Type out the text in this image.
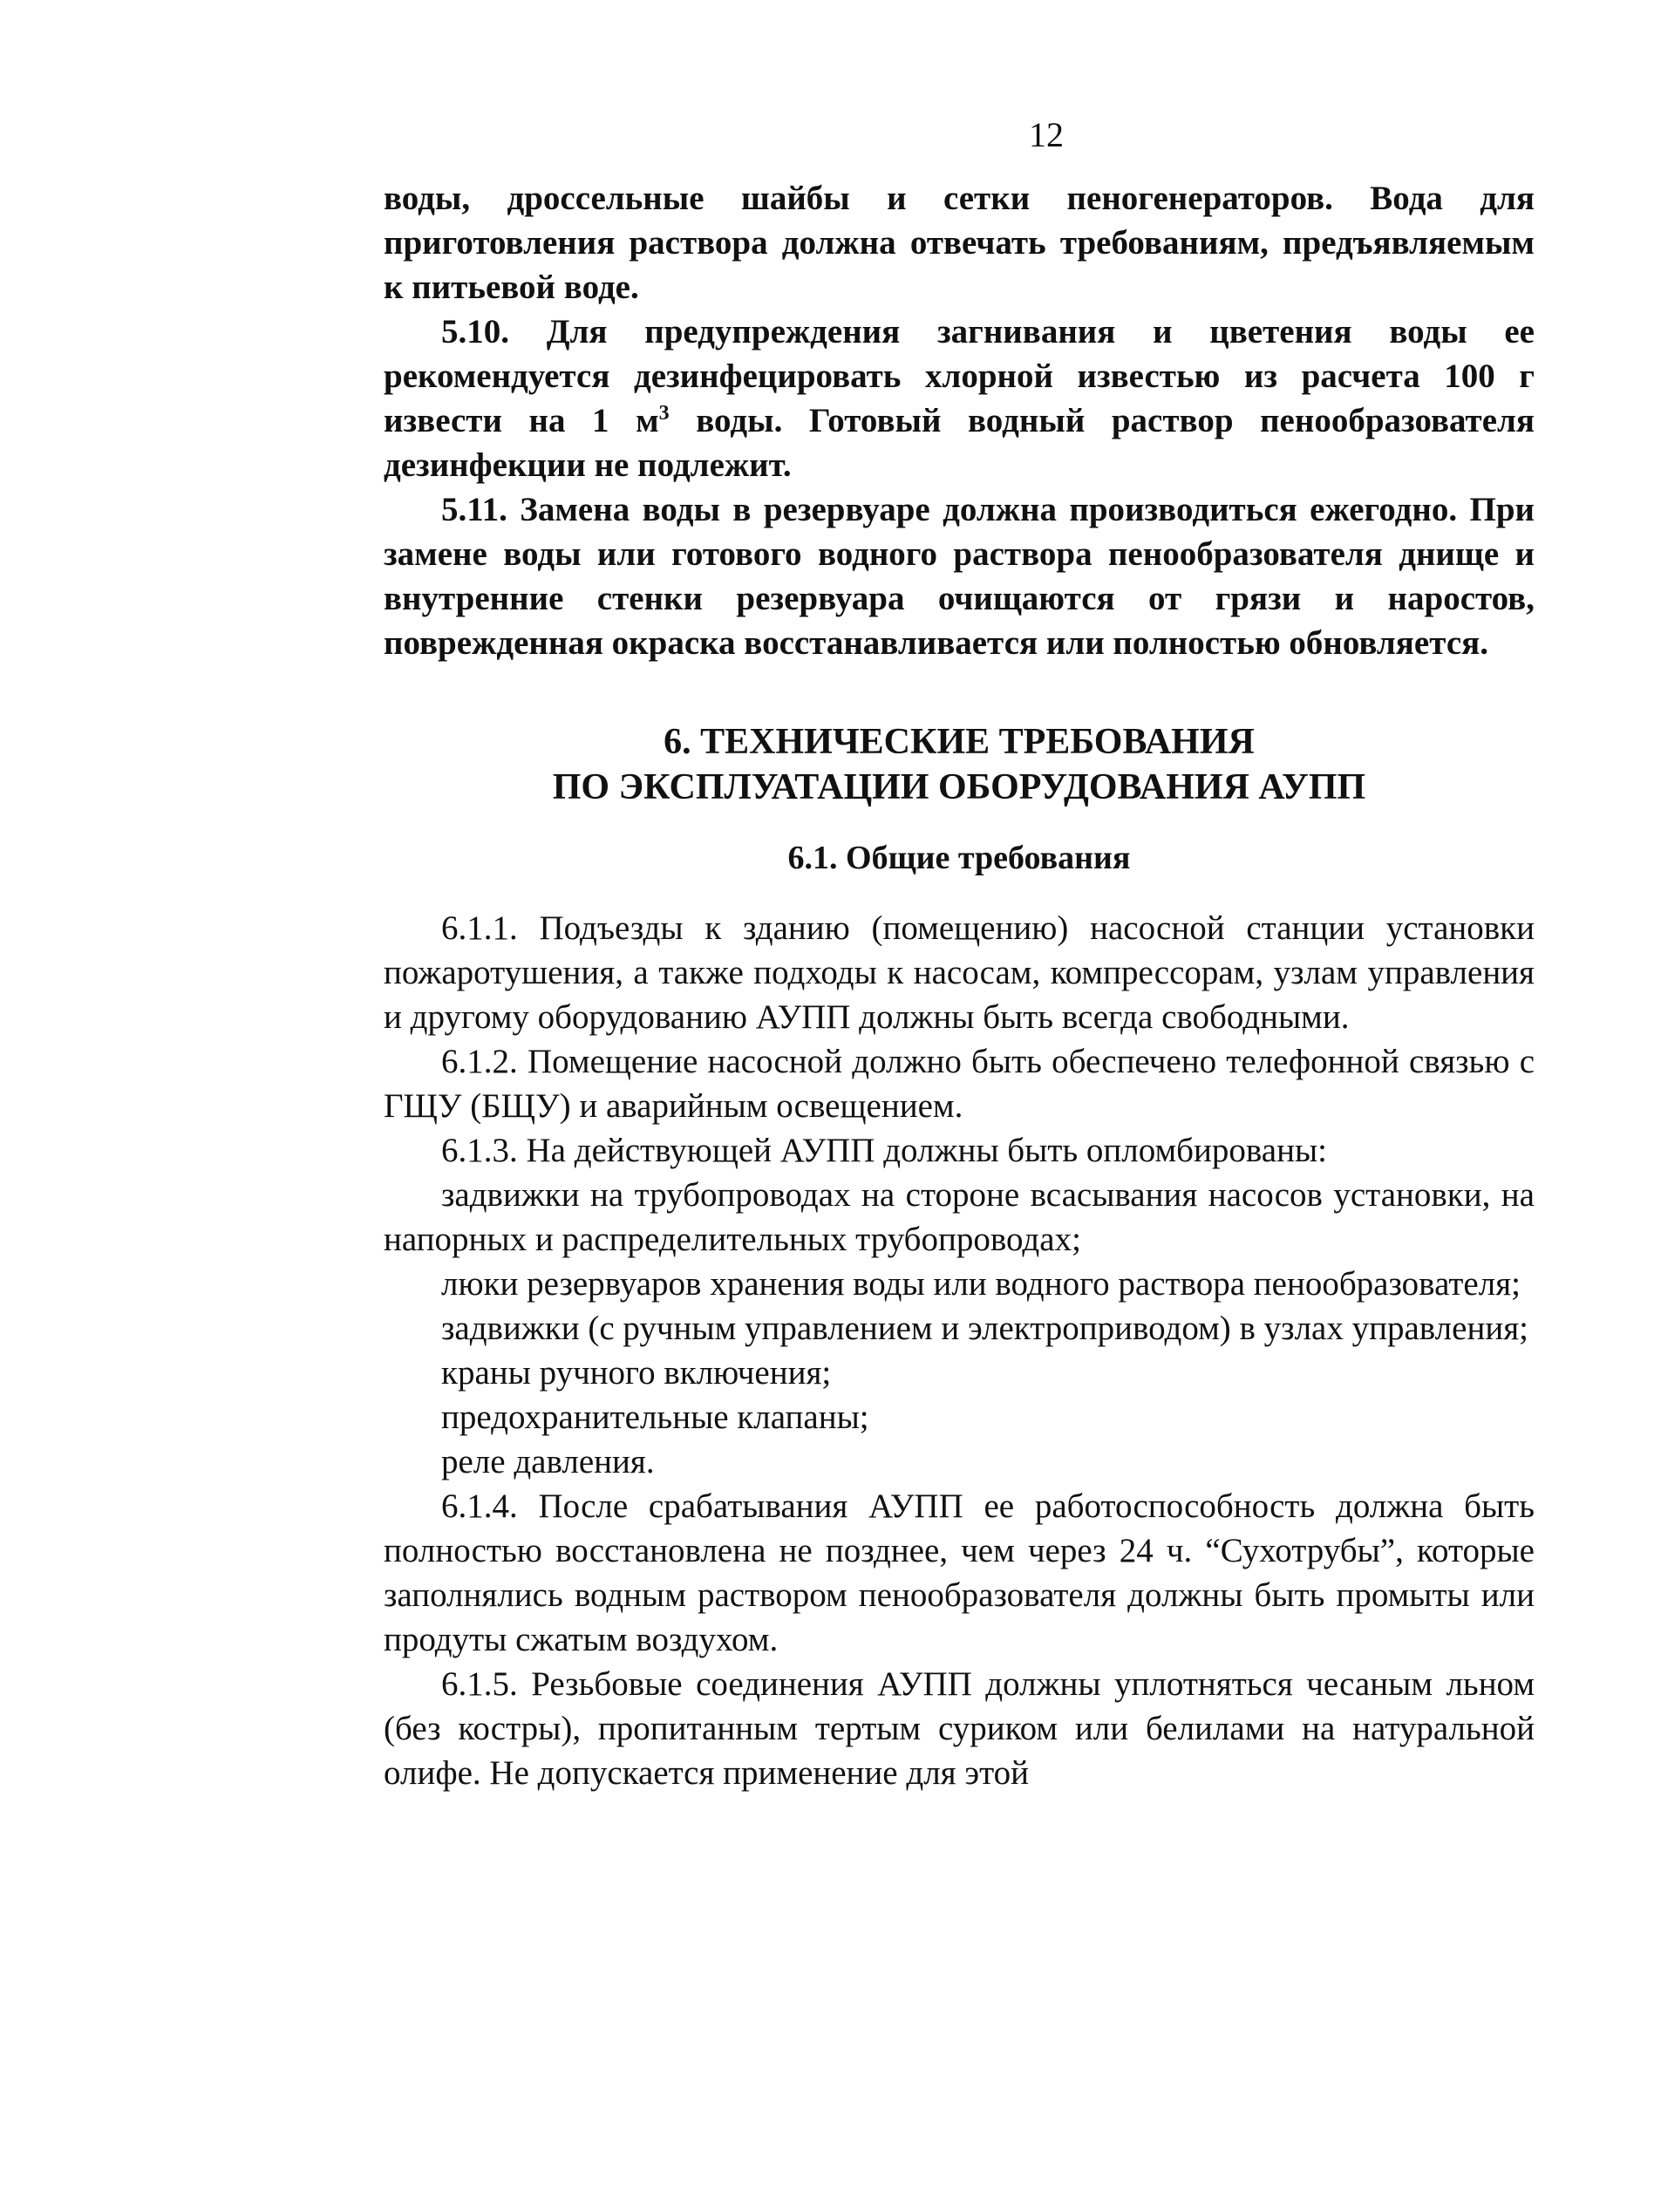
12

воды, дроссельные шайбы и сетки пеногенераторов. Вода для приготовления раствора должна отвечать требованиям, предъявляемым к питьевой воде.

5.10. Для предупреждения загнивания и цветения воды ее рекомендуется дезинфецировать хлорной известью из расчета 100 г извести на 1 $м^3$ воды. Готовый водный раствор пенообразователя дезинфекции не подлежит.

5.11. Замена воды в резервуаре должна производиться ежегодно. При замене воды или готового водного раствора пенообразователя днище и внутренние стенки резервуара очищаются от грязи и наростов, поврежденная окраска восстанавливается или полностью обновляется.

6. ТЕХНИЧЕСКИЕ ТРЕБОВАНИЯ
ПО ЭКСПЛУАТАЦИИ ОБОРУДОВАНИЯ АУПП
6.1. Общие требования

6.1.1. Подъезды к зданию (помещению) насосной станции установки пожаротушения, а также подходы к насосам, компрессорам, узлам управления и другому оборудованию АУПП должны быть всегда свободными.

6.1.2. Помещение насосной должно быть обеспечено телефонной связью с ГЩУ (БЩУ) и аварийным освещением.

6.1.3. На действующей АУПП должны быть опломбированы:

задвижки на трубопроводах на стороне всасывания насосов установки, на напорных и распределительных трубопроводах;

люки резервуаров хранения воды или водного раствора пенообразователя;

задвижки (с ручным управлением и электроприводом) в узлах управления;

краны ручного включения;

предохранительные клапаны;

реле давления.

6.1.4. После срабатывания АУПП ее работоспособность должна быть полностью восстановлена не позднее, чем через 24 ч. “Сухотрубы”, которые заполнялись водным раствором пенообразователя должны быть промыты или продуты сжатым воздухом.

6.1.5. Резьбовые соединения АУПП должны уплотняться чесаным льном (без костры), пропитанным тертым суриком или белилами на натуральной олифе. Не допускается применение для этой
